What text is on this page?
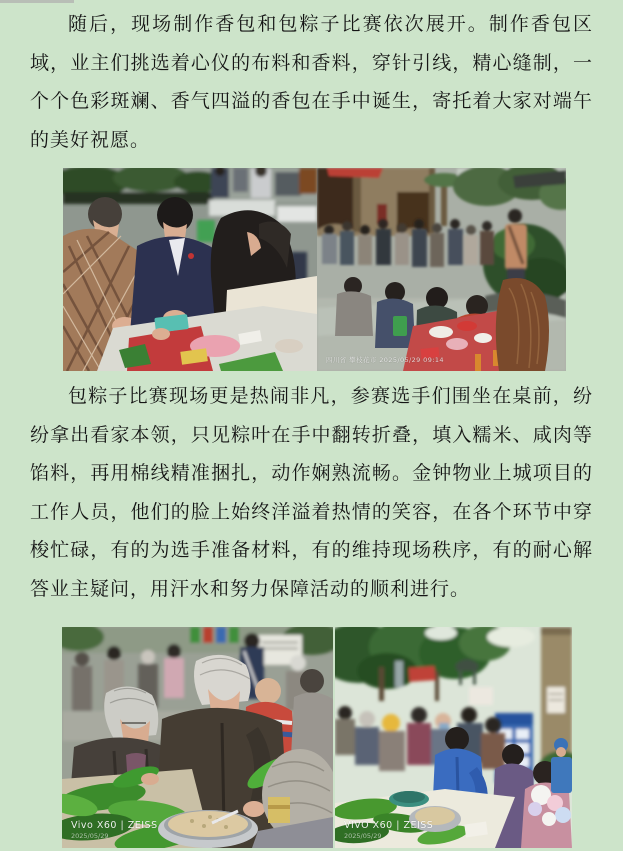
随后，现场制作香包和包粽子比赛依次展开。制作香包区域，业主们挑选着心仪的布料和香料，穿针引线，精心缝制，一个个色彩斑斓、香气四溢的香包在手中诞生，寄托着大家对端午的美好祝愿。

四川省 攀枝花市 2025/05/29 09:14

包粽子比赛现场更是热闹非凡，参赛选手们围坐在桌前，纷纷拿出看家本领，只见粽叶在手中翻转折叠，填入糯米、咸肉等馅料，再用棉线精准捆扎，动作娴熟流畅。金钟物业上城项目的工作人员，他们的脸上始终洋溢着热情的笑容，在各个环节中穿梭忙碌，有的为选手准备材料，有的维持现场秩序，有的耐心解答业主疑问，用汗水和努力保障活动的顺利进行。

Vivo X60 | ZEISS
2025/05/29
VIVO X60 | ZEISS
2025/05/29
